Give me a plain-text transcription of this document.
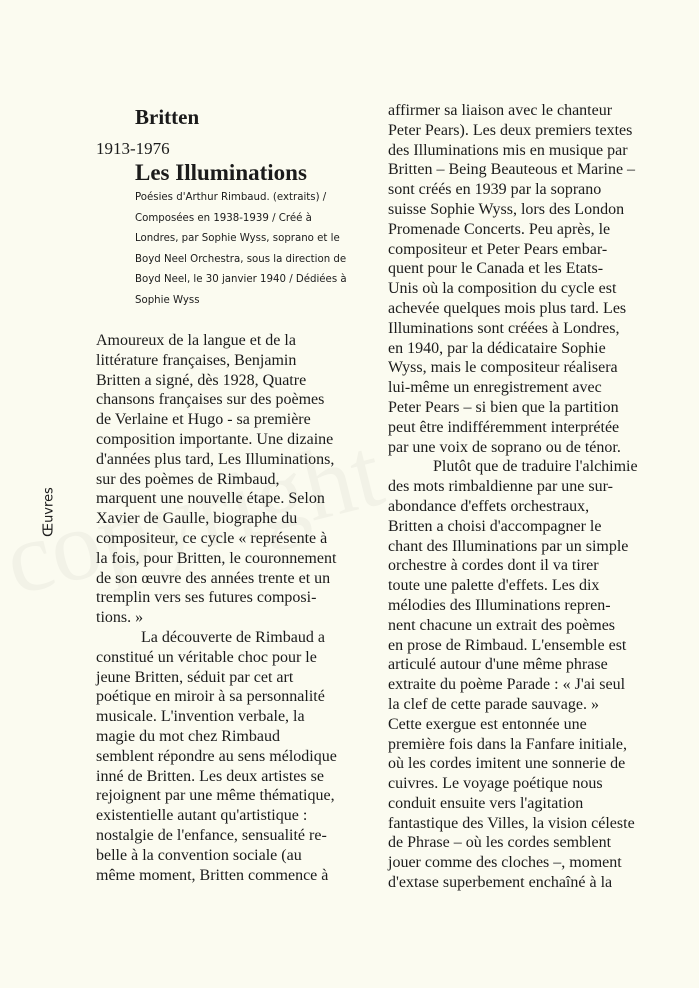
Britten
1913-1976
Les Illuminations
Poésies d'Arthur Rimbaud. (extraits) /
Composées en 1938-1939 / Créé à
Londres, par Sophie Wyss, soprano et le
Boyd Neel Orchestra, sous la direction de
Boyd Neel, le 30 janvier 1940 / Dédiées à
Sophie Wyss
Œuvres
Amoureux de la langue et de la
littérature françaises, Benjamin
Britten a signé, dès 1928, Quatre
chansons françaises sur des poèmes
de Verlaine et Hugo - sa première
composition importante. Une dizaine
d'années plus tard, Les Illuminations,
sur des poèmes de Rimbaud,
marquent une nouvelle étape. Selon
Xavier de Gaulle, biographe du
compositeur, ce cycle « représente à
la fois, pour Britten, le couronnement
de son œuvre des années trente et un
tremplin vers ses futures composi-
tions. »
La découverte de Rimbaud a
constitué un véritable choc pour le
jeune Britten, séduit par cet art
poétique en miroir à sa personnalité
musicale. L'invention verbale, la
magie du mot chez Rimbaud
semblent répondre au sens mélodique
inné de Britten. Les deux artistes se
rejoignent par une même thématique,
existentielle autant qu'artistique :
nostalgie de l'enfance, sensualité re-
belle à la convention sociale (au
même moment, Britten commence à
affirmer sa liaison avec le chanteur
Peter Pears). Les deux premiers textes
des Illuminations mis en musique par
Britten – Being Beauteous et Marine –
sont créés en 1939 par la soprano
suisse Sophie Wyss, lors des London
Promenade Concerts. Peu après, le
compositeur et Peter Pears embar-
quent pour le Canada et les Etats-
Unis où la composition du cycle est
achevée quelques mois plus tard. Les
Illuminations sont créées à Londres,
en 1940, par la dédicataire Sophie
Wyss, mais le compositeur réalisera
lui-même un enregistrement avec
Peter Pears – si bien que la partition
peut être indifféremment interprétée
par une voix de soprano ou de ténor.
Plutôt que de traduire l'alchimie
des mots rimbaldienne par une sur-
abondance d'effets orchestraux,
Britten a choisi d'accompagner le
chant des Illuminations par un simple
orchestre à cordes dont il va tirer
toute une palette d'effets. Les dix
mélodies des Illuminations repren-
nent chacune un extrait des poèmes
en prose de Rimbaud. L'ensemble est
articulé autour d'une même phrase
extraite du poème Parade : « J'ai seul
la clef de cette parade sauvage. »
Cette exergue est entonnée une
première fois dans la Fanfare initiale,
où les cordes imitent une sonnerie de
cuivres. Le voyage poétique nous
conduit ensuite vers l'agitation
fantastique des Villes, la vision céleste
de Phrase – où les cordes semblent
jouer comme des cloches –, moment
d'extase superbement enchaîné à la
